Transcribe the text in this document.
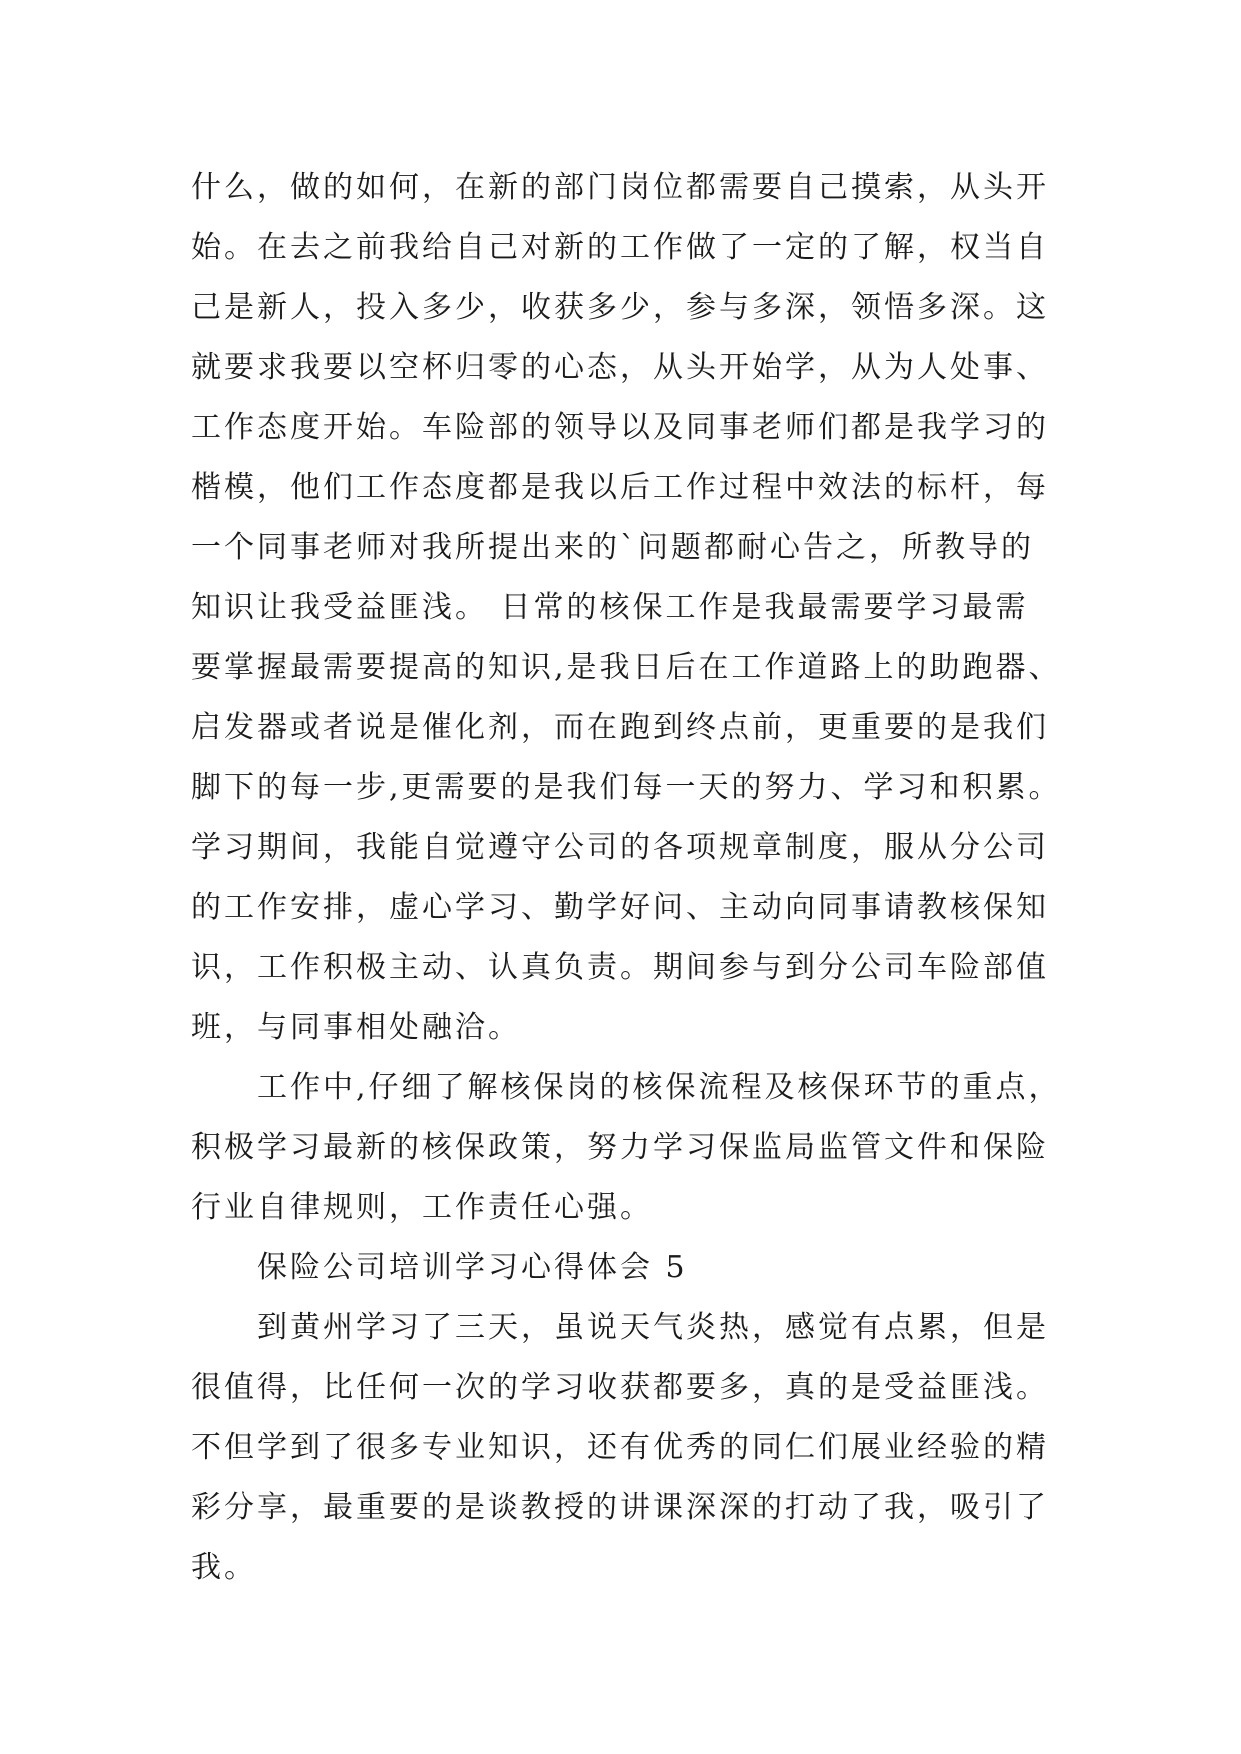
什么，做的如何，在新的部门岗位都需要自己摸索，从头开
始。在去之前我给自己对新的工作做了一定的了解，权当自
己是新人，投入多少，收获多少，参与多深，领悟多深。这
就要求我要以空杯归零的心态，从头开始学，从为人处事、
工作态度开始。车险部的领导以及同事老师们都是我学习的
楷模，他们工作态度都是我以后工作过程中效法的标杆，每
一个同事老师对我所提出来的`问题都耐心告之，所教导的
知识让我受益匪浅。 日常的核保工作是我最需要学习最需
要掌握最需要提高的知识,是我日后在工作道路上的助跑器、
启发器或者说是催化剂，而在跑到终点前，更重要的是我们
脚下的每一步,更需要的是我们每一天的努力、学习和积累。
学习期间，我能自觉遵守公司的各项规章制度，服从分公司
的工作安排，虚心学习、勤学好问、主动向同事请教核保知
识，工作积极主动、认真负责。期间参与到分公司车险部值
班，与同事相处融洽。
工作中,仔细了解核保岗的核保流程及核保环节的重点，
积极学习最新的核保政策，努力学习保监局监管文件和保险
行业自律规则，工作责任心强。
保险公司培训学习心得体会 5
到黄州学习了三天，虽说天气炎热，感觉有点累，但是
很值得，比任何一次的学习收获都要多，真的是受益匪浅。
不但学到了很多专业知识，还有优秀的同仁们展业经验的精
彩分享，最重要的是谈教授的讲课深深的打动了我，吸引了
我。
